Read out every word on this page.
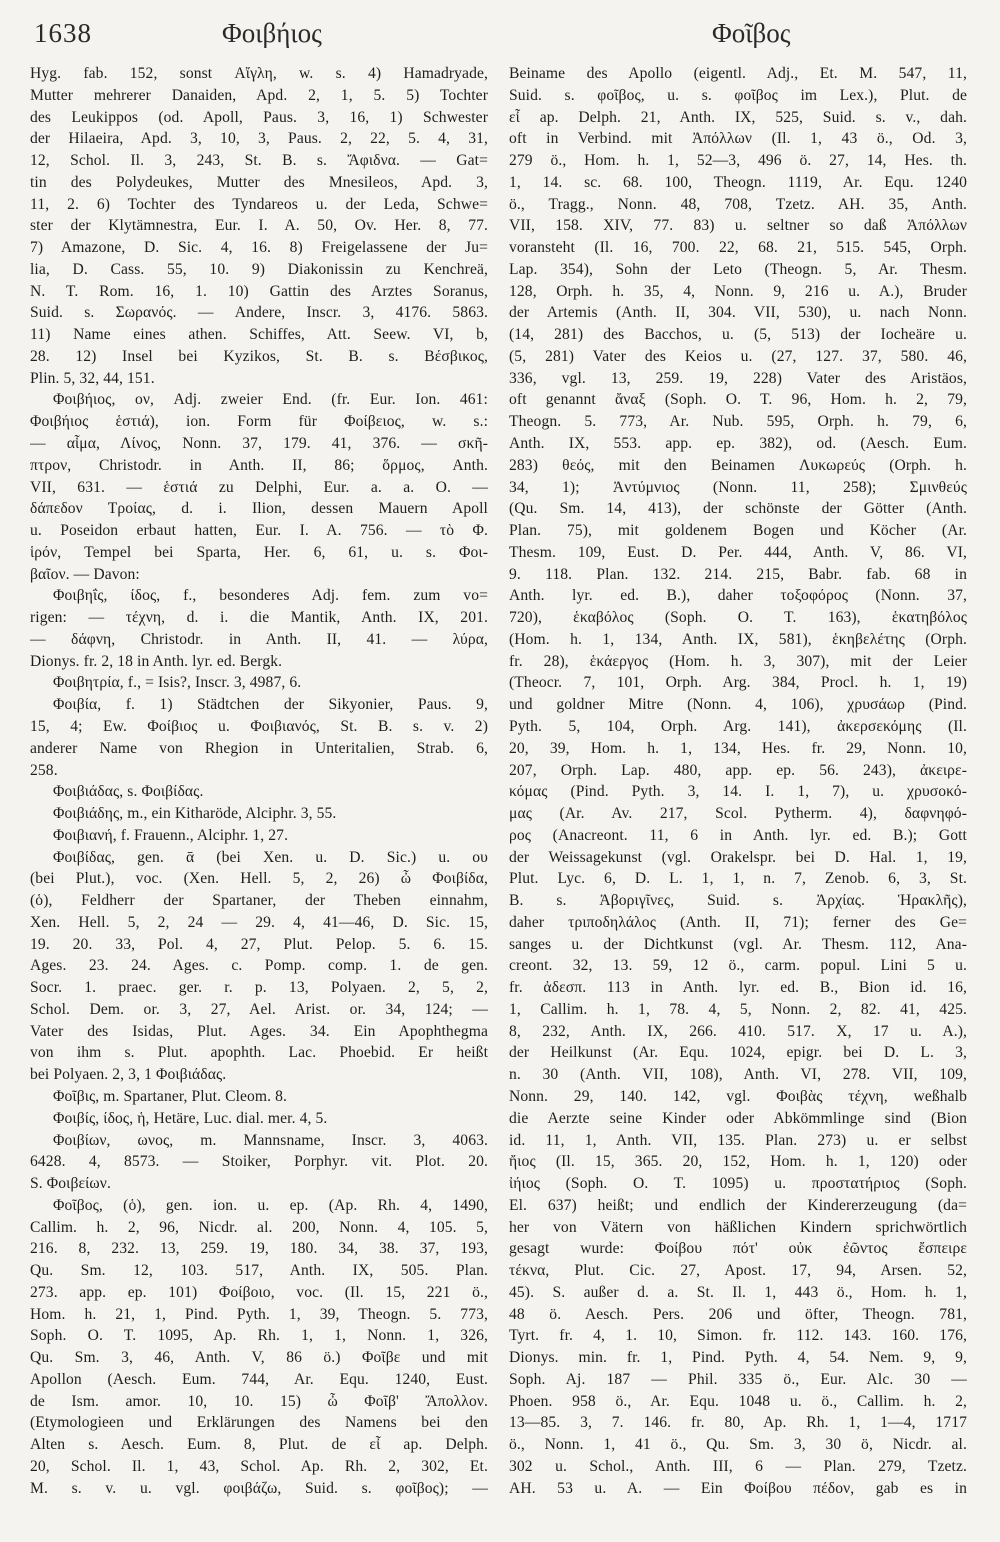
1638	Φοιβήιος	Φοῖβος
Hyg. fab. 152, sonst Αἴγλη, w. s. 4) Hamadryade,
Mutter mehrerer Danaiden, Apd. 2, 1, 5. 5) Tochter
des Leukippos (od. Apoll, Paus. 3, 16, 1) Schwester
der Hilaeira, Apd. 3, 10, 3, Paus. 2, 22, 5. 4, 31,
12, Schol. Il. 3, 243, St. B. s. Ἄφιδνα. — Gat=
tin des Polydeukes, Mutter des Mnesileos, Apd. 3,
11, 2. 6) Tochter des Tyndareos u. der Leda, Schwe=
ster der Klytämnestra, Eur. I. A. 50, Ov. Her. 8, 77.
7) Amazone, D. Sic. 4, 16. 8) Freigelassene der Ju=
lia, D. Cass. 55, 10. 9) Diakonissin zu Kenchreä,
N. T. Rom. 16, 1. 10) Gattin des Arztes Soranus,
Suid. s. Σωρανός. — Andere, Inscr. 3, 4176. 5863.
11) Name eines athen. Schiffes, Att. Seew. VI, b,
28. 12) Insel bei Kyzikos, St. B. s. Βέσβικος,
Plin. 5, 32, 44, 151.
Φοιβήιος, ον, Adj. zweier End. (fr. Eur. Ion. 461:
Φοιβήιος ἑστιά), ion. Form für Φοίβειος, w. s.:
— αἷμα, Λίνος, Nonn. 37, 179. 41, 376. — σκῆ-
πτρον, Christodr. in Anth. II, 86; ὅρμος, Anth.
VII, 631. — ἑστιά zu Delphi, Eur. a. a. O. —
δάπεδον Τροίας, d. i. Ilion, dessen Mauern Apoll
u. Poseidon erbaut hatten, Eur. I. A. 756. — τὸ Φ.
ἱρόν, Tempel bei Sparta, Her. 6, 61, u. s. Φοι-
βαῖον. — Davon:
Φοιβηΐς, ίδος, f., besonderes Adj. fem. zum vo=
rigen: — τέχνη, d. i. die Mantik, Anth. IX, 201.
— δάφνη, Christodr. in Anth. II, 41. — λύρα,
Dionys. fr. 2, 18 in Anth. lyr. ed. Bergk.
Φοιβητρία, f., = Isis?, Inscr. 3, 4987, 6.
Φοιβία, f. 1) Städtchen der Sikyonier, Paus. 9,
15, 4; Ew. Φοίβιος u. Φοιβιανός, St. B. s. v. 2)
anderer Name von Rhegion in Unteritalien, Strab. 6,
258.
Φοιβιάδας, s. Φοιβίδας.
Φοιβιάδης, m., ein Kitharöde, Alciphr. 3, 55.
Φοιβιανή, f. Frauenn., Alciphr. 1, 27.
Φοιβίδας, gen. ᾱ (bei Xen. u. D. Sic.) u. ου
(bei Plut.), voc. (Xen. Hell. 5, 2, 26) ὦ Φοιβίδα,
(ὁ), Feldherr der Spartaner, der Theben einnahm,
Xen. Hell. 5, 2, 24 — 29. 4, 41—46, D. Sic. 15,
19. 20. 33, Pol. 4, 27, Plut. Pelop. 5. 6. 15.
Ages. 23. 24. Ages. c. Pomp. comp. 1. de gen.
Socr. 1. praec. ger. r. p. 13, Polyaen. 2, 5, 2,
Schol. Dem. or. 3, 27, Ael. Arist. or. 34, 124; —
Vater des Isidas, Plut. Ages. 34. Ein Apophthegma
von ihm s. Plut. apophth. Lac. Phoebid. Er heißt
bei Polyaen. 2, 3, 1 Φοιβιάδας.
Φοῖβις, m. Spartaner, Plut. Cleom. 8.
Φοιβίς, ίδος, ἡ, Hetäre, Luc. dial. mer. 4, 5.
Φοιβίων, ωνος, m. Mannsname, Inscr. 3, 4063.
6428. 4, 8573. — Stoiker, Porphyr. vit. Plot. 20.
S. Φοιβείων.
Φοῖβος, (ὁ), gen. ion. u. ep. (Ap. Rh. 4, 1490,
Callim. h. 2, 96, Nicdr. al. 200, Nonn. 4, 105. 5,
216. 8, 232. 13, 259. 19, 180. 34, 38. 37, 193,
Qu. Sm. 12, 103. 517, Anth. IX, 505. Plan.
273. app. ep. 101) Φοίβοιο, voc. (Il. 15, 221 ö.,
Hom. h. 21, 1, Pind. Pyth. 1, 39, Theogn. 5. 773,
Soph. O. T. 1095, Ap. Rh. 1, 1, Nonn. 1, 326,
Qu. Sm. 3, 46, Anth. V, 86 ö.) Φοῖβε und mit
Apollon (Aesch. Eum. 744, Ar. Equ. 1240, Eust.
de Ism. amor. 10, 10. 15) ὦ Φοῖβ' Ἄπολλον.
(Etymologieen und Erklärungen des Namens bei den
Alten s. Aesch. Eum. 8, Plut. de εἶ ap. Delph.
20, Schol. Il. 1, 43, Schol. Ap. Rh. 2, 302, Et.
M. s. v. u. vgl. φοιβάζω, Suid. s. φοῖβος); —
Beiname des Apollo (eigentl. Adj., Et. M. 547, 11,
Suid. s. φοῖβος, u. s. φοῖβος im Lex.), Plut. de
εἶ ap. Delph. 21, Anth. IX, 525, Suid. s. v., dah.
oft in Verbind. mit Ἀπόλλων (Il. 1, 43 ö., Od. 3,
279 ö., Hom. h. 1, 52—3, 496 ö. 27, 14, Hes. th.
1, 14. sc. 68. 100, Theogn. 1119, Ar. Equ. 1240
ö., Tragg., Nonn. 48, 708, Tzetz. AH. 35, Anth.
VII, 158. XIV, 77. 83) u. seltner so daß Ἀπόλλων
voransteht (Il. 16, 700. 22, 68. 21, 515. 545, Orph.
Lap. 354), Sohn der Leto (Theogn. 5, Ar. Thesm.
128, Orph. h. 35, 4, Nonn. 9, 216 u. A.), Bruder
der Artemis (Anth. II, 304. VII, 530), u. nach Nonn.
(14, 281) des Bacchos, u. (5, 513) der Iocheäre u.
(5, 281) Vater des Keios u. (27, 127. 37, 580. 46,
336, vgl. 13, 259. 19, 228) Vater des Aristäos,
oft genannt ἄναξ (Soph. O. T. 96, Hom. h. 2, 79,
Theogn. 5. 773, Ar. Nub. 595, Orph. h. 79, 6,
Anth. IX, 553. app. ep. 382), od. (Aesch. Eum.
283) θεός, mit den Beinamen Λυκωρεύς (Orph. h.
34, 1); Ἀντύμνιος (Nonn. 11, 258); Σμινθεύς
(Qu. Sm. 14, 413), der schönste der Götter (Anth.
Plan. 75), mit goldenem Bogen und Köcher (Ar.
Thesm. 109, Eust. D. Per. 444, Anth. V, 86. VI,
9. 118. Plan. 132. 214. 215, Babr. fab. 68 in
Anth. lyr. ed. B.), daher τοξοφόρος (Nonn. 37,
720), ἑκαβόλος (Soph. O. T. 163), ἑκατηβόλος
(Hom. h. 1, 134, Anth. IX, 581), ἑκηβελέτης (Orph.
fr. 28), ἑκάεργος (Hom. h. 3, 307), mit der Leier
(Theocr. 7, 101, Orph. Arg. 384, Procl. h. 1, 19)
und goldner Mitre (Nonn. 4, 106), χρυσάωρ (Pind.
Pyth. 5, 104, Orph. Arg. 141), ἀκερσεκόμης (Il.
20, 39, Hom. h. 1, 134, Hes. fr. 29, Nonn. 10,
207, Orph. Lap. 480, app. ep. 56. 243), ἀκειρε-
κόμας (Pind. Pyth. 3, 14. I. 1, 7), u. χρυσοκό-
μας (Ar. Av. 217, Scol. Pytherm. 4), δαφνηφό-
ρος (Anacreont. 11, 6 in Anth. lyr. ed. B.); Gott
der Weissagekunst (vgl. Orakelspr. bei D. Hal. 1, 19,
Plut. Lyc. 6, D. L. 1, 1, n. 7, Zenob. 6, 3, St.
B. s. Ἀβοριγῖνες, Suid. s. Ἀρχίας. Ἡρακλῆς),
daher τριποδηλάλος (Anth. II, 71); ferner des Ge=
sanges u. der Dichtkunst (vgl. Ar. Thesm. 112, Ana-
creont. 32, 13. 59, 12 ö., carm. popul. Lini 5 u.
fr. ἀδεσπ. 113 in Anth. lyr. ed. B., Bion id. 16,
1, Callim. h. 1, 78. 4, 5, Nonn. 2, 82. 41, 425.
8, 232, Anth. IX, 266. 410. 517. X, 17 u. A.),
der Heilkunst (Ar. Equ. 1024, epigr. bei D. L. 3,
n. 30 (Anth. VII, 108), Anth. VI, 278. VII, 109,
Nonn. 29, 140. 142, vgl. Φοιβὰς τέχνη, weßhalb
die Aerzte seine Kinder oder Abkömmlinge sind (Bion
id. 11, 1, Anth. VII, 135. Plan. 273) u. er selbst
ἤιος (Il. 15, 365. 20, 152, Hom. h. 1, 120) oder
ἰήιος (Soph. O. T. 1095) u. προστατήριος (Soph.
El. 637) heißt; und endlich der Kindererzeugung (da=
her von Vätern von häßlichen Kindern sprichwörtlich
gesagt wurde: Φοίβου πότ' οὐκ ἐῶντος ἔσπειρε
τέκνα, Plut. Cic. 27, Apost. 17, 94, Arsen. 52,
45). S. außer d. a. St. Il. 1, 443 ö., Hom. h. 1,
48 ö. Aesch. Pers. 206 und öfter, Theogn. 781,
Tyrt. fr. 4, 1. 10, Simon. fr. 112. 143. 160. 176,
Dionys. min. fr. 1, Pind. Pyth. 4, 54. Nem. 9, 9,
Soph. Aj. 187 — Phil. 335 ö., Eur. Alc. 30 —
Phoen. 958 ö., Ar. Equ. 1048 u. ö., Callim. h. 2,
13—85. 3, 7. 146. fr. 80, Ap. Rh. 1, 1—4, 1717
ö., Nonn. 1, 41 ö., Qu. Sm. 3, 30 ö, Nicdr. al.
302 u. Schol., Anth. III, 6 — Plan. 279, Tzetz.
AH. 53 u. A. — Ein Φοίβου πέδον, gab es in
